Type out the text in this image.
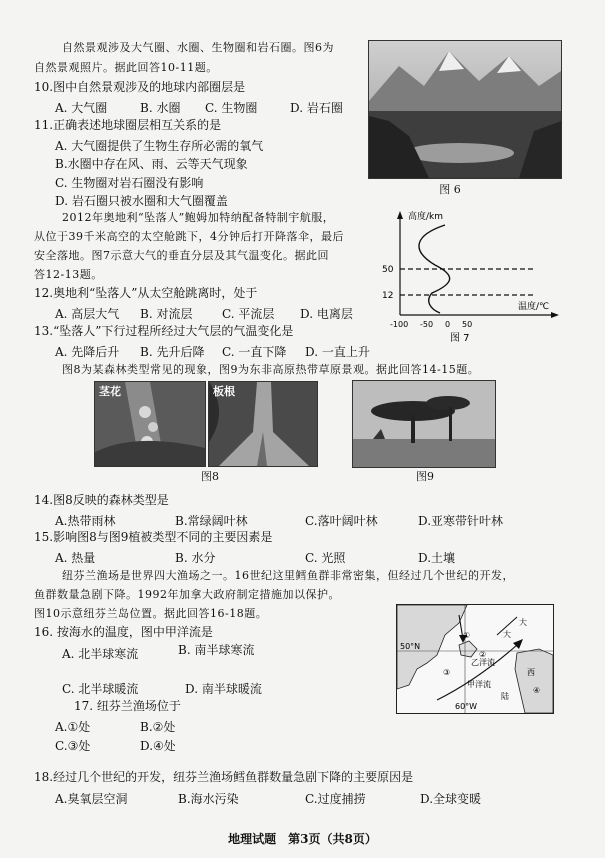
自然景观涉及大气圈、水圈、生物圈和岩石圈。图6为
自然景观照片。据此回答10-11题。
图 6
10.图中自然景观涉及的地球内部圈层是
A. 大气圈	B. 水圈 C. 生物圈	D. 岩石圈
11.正确表述地球圈层相互关系的是
A. 大气圈提供了生物生存所必需的氧气
B.水圈中存在风、雨、云等天气现象
C. 生物圈对岩石圈没有影响
D. 岩石圈只被水圈和大气圈覆盖
2012年奥地利“坠落人”鲍姆加特纳配备特制宇航服，
从位于39千米高空的太空舱跳下，4分钟后打开降落伞，最后
安全落地。图7示意大气的垂直分层及其气温变化。据此回
答12-13题。
高度/km
温度/℃
50
12
-100 -50 0 50
图 7
12.奥地利“坠落人”从太空舱跳离时，处于
A. 高层大气 B. 对流层 C. 平流层 D. 电离层
13.“坠落人”下行过程所经过大气层的气温变化是
A. 先降后升 B. 先升后降 C. 一直下降 D. 一直上升
图8为某森林类型常见的现象，图9为东非高原热带草原景观。据此回答14-15题。
茎花	板根
图8	图9
14.图8反映的森林类型是
A.热带雨林	B.常绿阔叶林	C.落叶阔叶林	D.亚寒带针叶林
15.影响图8与图9植被类型不同的主要因素是
A. 热量	B. 水分	C. 光照	D.土壤
纽芬兰渔场是世界四大渔场之一。16世纪这里鳕鱼群非常密集，但经过几个世纪的开发，
鱼群数量急剧下降。1992年加拿大政府制定措施加以保护。
图10示意纽芬兰岛位置。据此回答16-18题。
50°N
60°W
乙洋流
甲洋流
大
大
西
陆
①
②
③
④
16. 按海水的温度，图中甲洋流是
A. 北半球寒流	B. 南半球寒流
C. 北半球暖流	D. 南半球暖流
17. 纽芬兰渔场位于
A.①处	B.②处
C.③处	D.④处
18.经过几个世纪的开发，纽芬兰渔场鳕鱼群数量急剧下降的主要原因是
A.臭氧层空洞	B.海水污染	C.过度捕捞	D.全球变暖
地理试题　第3页（共8页）
